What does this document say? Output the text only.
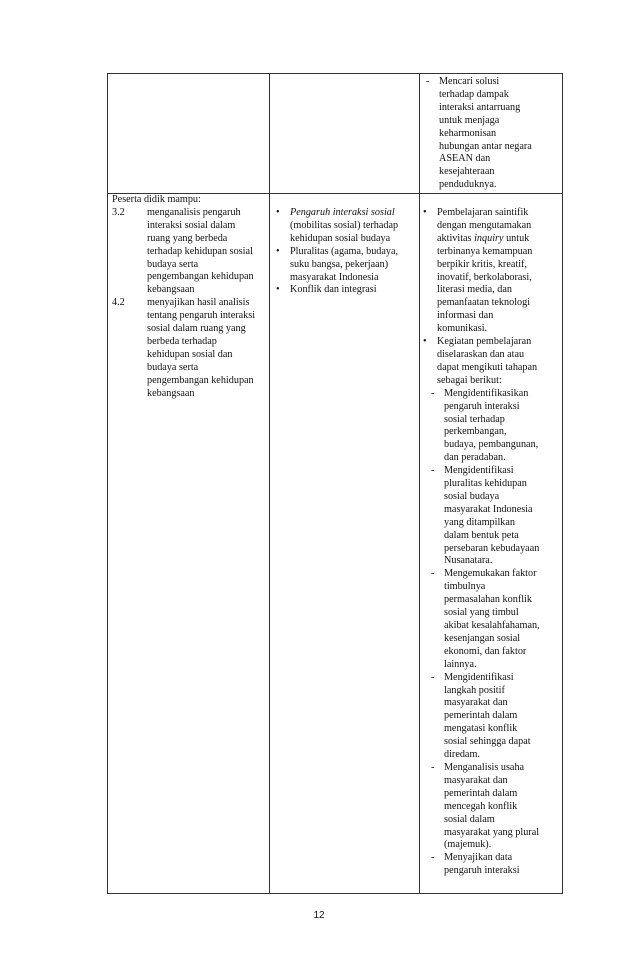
- Mencari solusi
terhadap dampak
interaksi antarruang
untuk menjaga
keharmonisan
hubungan antar negara
ASEAN dan
kesejahteraan
penduduknya.
Peserta didik mampu:
3.2 menganalisis pengaruh
interaksi sosial dalam
ruang yang berbeda
terhadap kehidupan sosial
budaya serta
pengembangan kehidupan
kebangsaan
4.2 menyajikan hasil analisis
tentang pengaruh interaksi
sosial dalam ruang yang
berbeda terhadap
kehidupan sosial dan
budaya serta
pengembangan kehidupan
kebangsaan
• Pengaruh interaksi sosial
(mobilitas sosial) terhadap
kehidupan sosial budaya
• Pluralitas (agama, budaya,
suku bangsa, pekerjaan)
masyarakat Indonesia
• Konflik dan integrasi
• Pembelajaran saintifik
dengan mengutamakan
aktivitas inquiry untuk
terbinanya kemampuan
berpikir kritis, kreatif,
inovatif, berkolaborasi,
literasi media, dan
pemanfaatan teknologi
informasi dan
komunikasi.
• Kegiatan pembelajaran
diselaraskan dan atau
dapat mengikuti tahapan
sebagai berikut:
- Mengidentifikasikan
pengaruh interaksi
sosial terhadap
perkembangan,
budaya, pembangunan,
dan peradaban.
- Mengidentifikasi
pluralitas kehidupan
sosial budaya
masyarakat Indonesia
yang ditampilkan
dalam bentuk peta
persebaran kebudayaan
Nusanatara.
- Mengemukakan faktor
timbulnya
permasalahan konflik
sosial yang timbul
akibat kesalahfahaman,
kesenjangan sosial
ekonomi, dan faktor
lainnya.
- Mengidentifikasi
langkah positif
masyarakat dan
pemerintah dalam
mengatasi konflik
sosial sehingga dapat
diredam.
- Menganalisis usaha
masyarakat dan
pemerintah dalam
mencegah konflik
sosial dalam
masyarakat yang plural
(majemuk).
- Menyajikan data
pengaruh interaksi
12
